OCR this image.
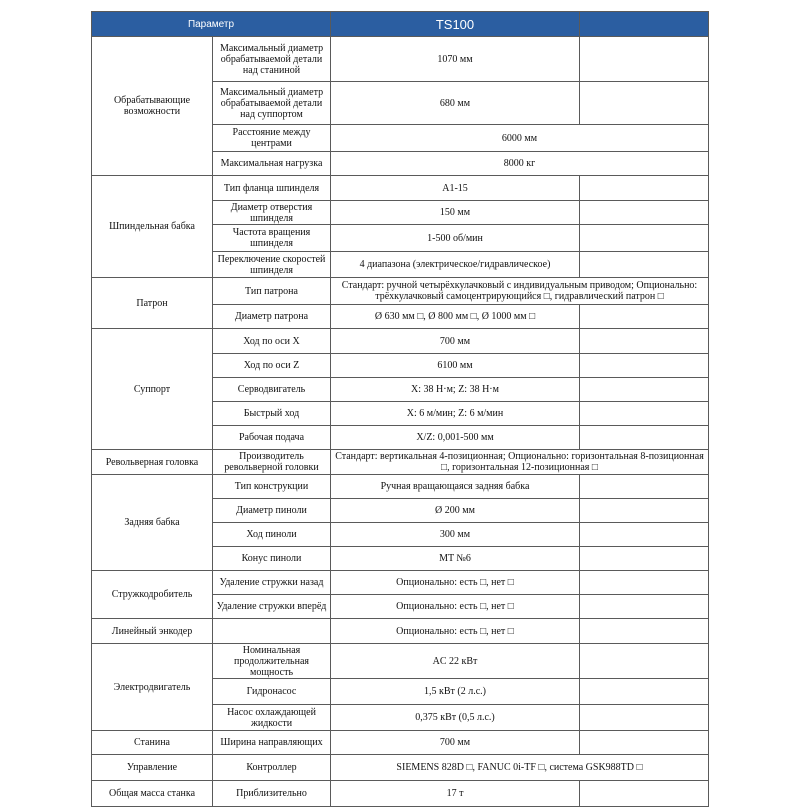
Параметр		TS100	
Обрабатывающие возможности	Максимальный диаметр обрабатываемой детали над станиной	1070 мм	
	Максимальный диаметр обрабатываемой детали над суппортом	680 мм	
	Расстояние между центрами	6000 мм	
	Максимальная нагрузка	8000 кг	
Шпиндельная бабка	Тип фланца шпинделя	A1-15	
	Диаметр отверстия шпинделя	150 мм	
	Частота вращения шпинделя	1-500 об/мин	
	Переключение скоростей шпинделя	4 диапазона (электрическое/гидравлическое)	
Патрон	Тип патрона	Стандарт: ручной четырёхкулачковый с индивидуальным приводом; Опционально: трёхкулачковый самоцентрирующийся □, гидравлический патрон □	
	Диаметр патрона	Ø 630 мм □, Ø 800 мм □, Ø 1000 мм □	
Суппорт	Ход по оси X	700 мм	
	Ход по оси Z	6100 мм	
	Серводвигатель	X: 38 Н·м; Z: 38 Н·м	
	Быстрый ход	X: 6 м/мин; Z: 6 м/мин	
	Рабочая подача	X/Z: 0,001-500 мм	
Револьверная головка	Производитель револьверной головки	Стандарт: вертикальная 4-позиционная; Опционально: горизонтальная 8-позиционная □, горизонтальная 12-позиционная □	
Задняя бабка	Тип конструкции	Ручная вращающаяся задняя бабка	
	Диаметр пиноли	Ø 200 мм	
	Ход пиноли	300 мм	
	Конус пиноли	MT №6	
Стружкодробитель	Удаление стружки назад	Опционально: есть □, нет □	
	Удаление стружки вперёд	Опционально: есть □, нет □	
Линейный энкодер		Опционально: есть □, нет □	
Электродвигатель	Номинальная продолжительная мощность	AC 22 кВт	
	Гидронасос	1,5 кВт (2 л.с.)	
	Насос охлаждающей жидкости	0,375 кВт (0,5 л.с.)	
Станина	Ширина направляющих	700 мм	
Управление	Контроллер	SIEMENS 828D □, FANUC 0i-TF □, система GSK988TD □	
Общая масса станка	Приблизительно	17 т	
